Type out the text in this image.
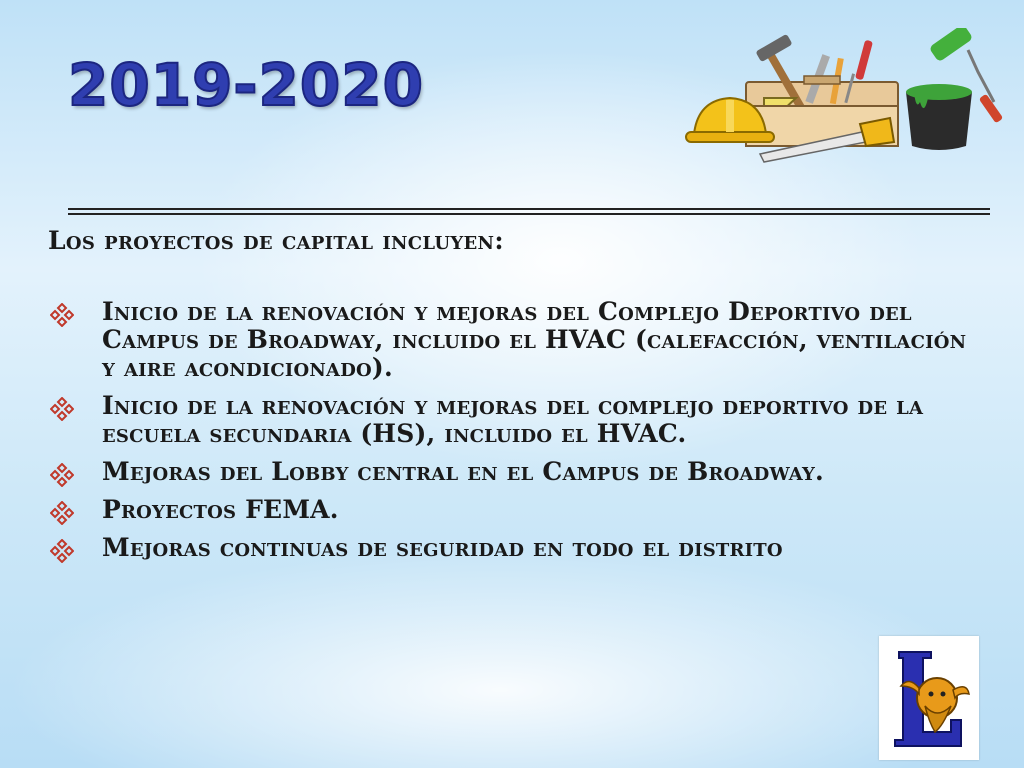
2019-2020

Los proyectos de capital incluyen:

Inicio de la renovación y mejoras del Complejo Deportivo del Campus de Broadway, incluido el HVAC (calefacción, ventilación y aire acondicionado).
Inicio de la renovación y mejoras del complejo deportivo de la escuela secundaria (HS), incluido el HVAC.
Mejoras del Lobby central en el Campus de Broadway.
Proyectos FEMA.
Mejoras continuas de seguridad en todo el distrito
